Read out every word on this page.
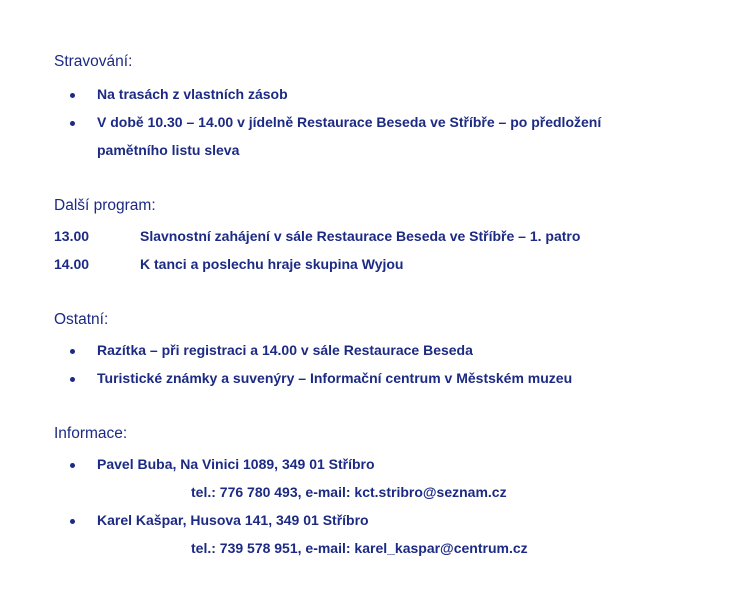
Stravování:
Na trasách z vlastních zásob
V době 10.30 – 14.00 v jídelně Restaurace Beseda ve Stříbře – po předložení
pamětního listu sleva
Další program:
13.00	Slavnostní zahájení v sále Restaurace Beseda ve Stříbře – 1. patro
14.00	K tanci a poslechu hraje skupina Wyjou
Ostatní:
Razítka – při registraci a 14.00 v sále Restaurace Beseda
Turistické známky a suvenýry – Informační centrum v Městském muzeu
Informace:
Pavel Buba, Na Vinici 1089, 349 01 Stříbro
tel.: 776 780 493, e-mail: kct.stribro@seznam.cz
Karel Kašpar, Husova 141, 349 01 Stříbro
tel.: 739 578 951, e-mail: karel_kaspar@centrum.cz
